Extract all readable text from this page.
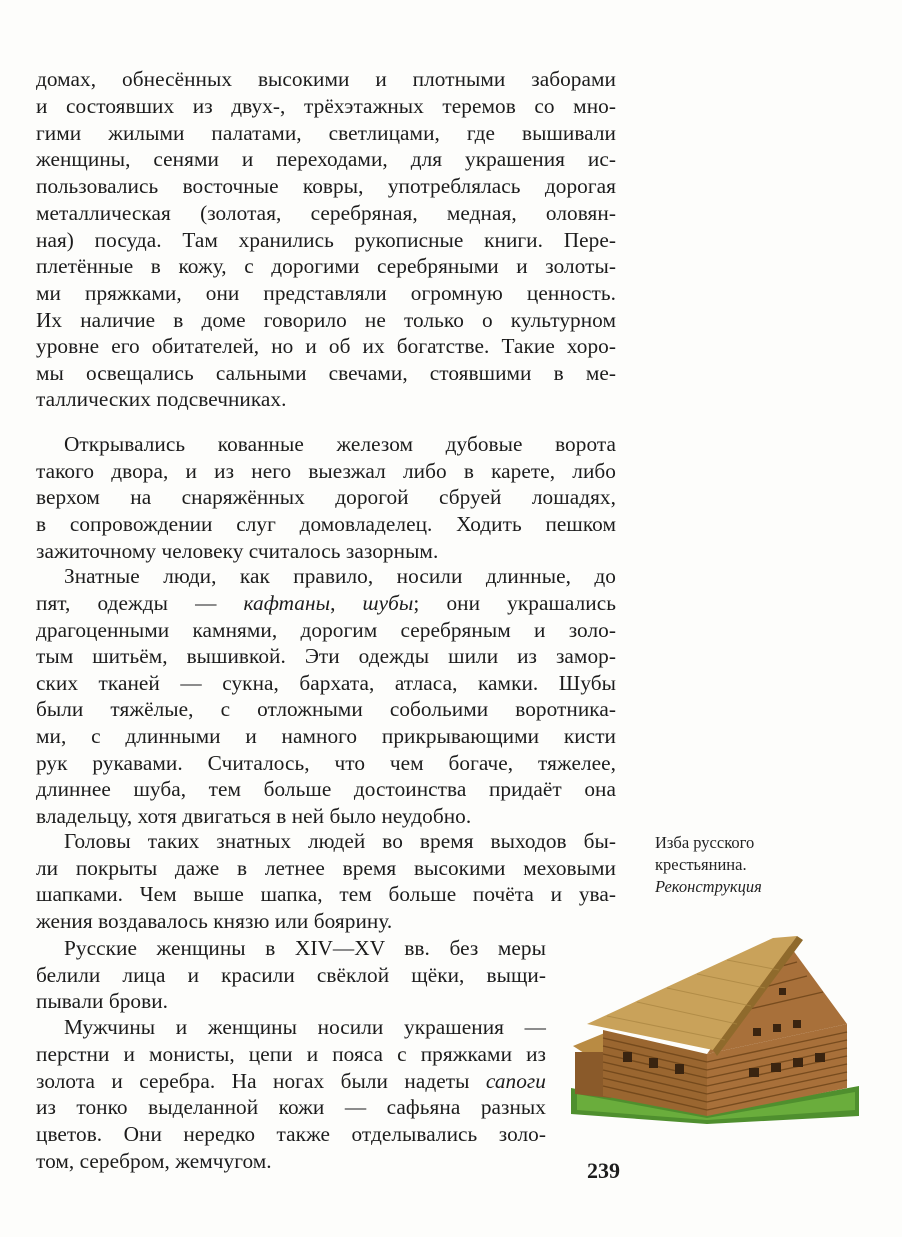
домах, обнесённых высокими и плотными заборами
и состоявших из двух-, трёхэтажных теремов со мно-
гими жилыми палатами, светлицами, где вышивали
женщины, сенями и переходами, для украшения ис-
пользовались восточные ковры, употреблялась дорогая
металлическая (золотая, серебряная, медная, оловян-
ная) посуда. Там хранились рукописные книги. Пере-
плетённые в кожу, с дорогими серебряными и золоты-
ми пряжками, они представляли огромную ценность.
Их наличие в доме говорило не только о культурном
уровне его обитателей, но и об их богатстве. Такие хоро-
мы освещались сальными свечами, стоявшими в ме-
таллических подсвечниках.
Открывались кованные железом дубовые ворота
такого двора, и из него выезжал либо в карете, либо
верхом на снаряжённых дорогой сбруей лошадях,
в сопровождении слуг домовладелец. Ходить пешком
зажиточному человеку считалось зазорным.
Знатные люди, как правило, носили длинные, до
пят, одежды — кафтаны, шубы; они украшались
драгоценными камнями, дорогим серебряным и золо-
тым шитьём, вышивкой. Эти одежды шили из замор-
ских тканей — сукна, бархата, атласа, камки. Шубы
были тяжёлые, с отложными собольими воротника-
ми, с длинными и намного прикрывающими кисти
рук рукавами. Считалось, что чем богаче, тяжелее,
длиннее шуба, тем больше достоинства придаёт она
владельцу, хотя двигаться в ней было неудобно.
Головы таких знатных людей во время выходов бы-
ли покрыты даже в летнее время высокими меховыми
шапками. Чем выше шапка, тем больше почёта и ува-
жения воздавалось князю или боярину.
Русские женщины в XIV—XV вв. без меры
белили лица и красили свёклой щёки, выщи-
пывали брови.
Мужчины и женщины носили украшения —
перстни и монисты, цепи и пояса с пряжками из
золота и серебра. На ногах были надеты сапоги
из тонко выделанной кожи — сафьяна разных
цветов. Они нередко также отделывались золо-
том, серебром, жемчугом.
Изба русского
крестьянина.
Реконструкция
239
